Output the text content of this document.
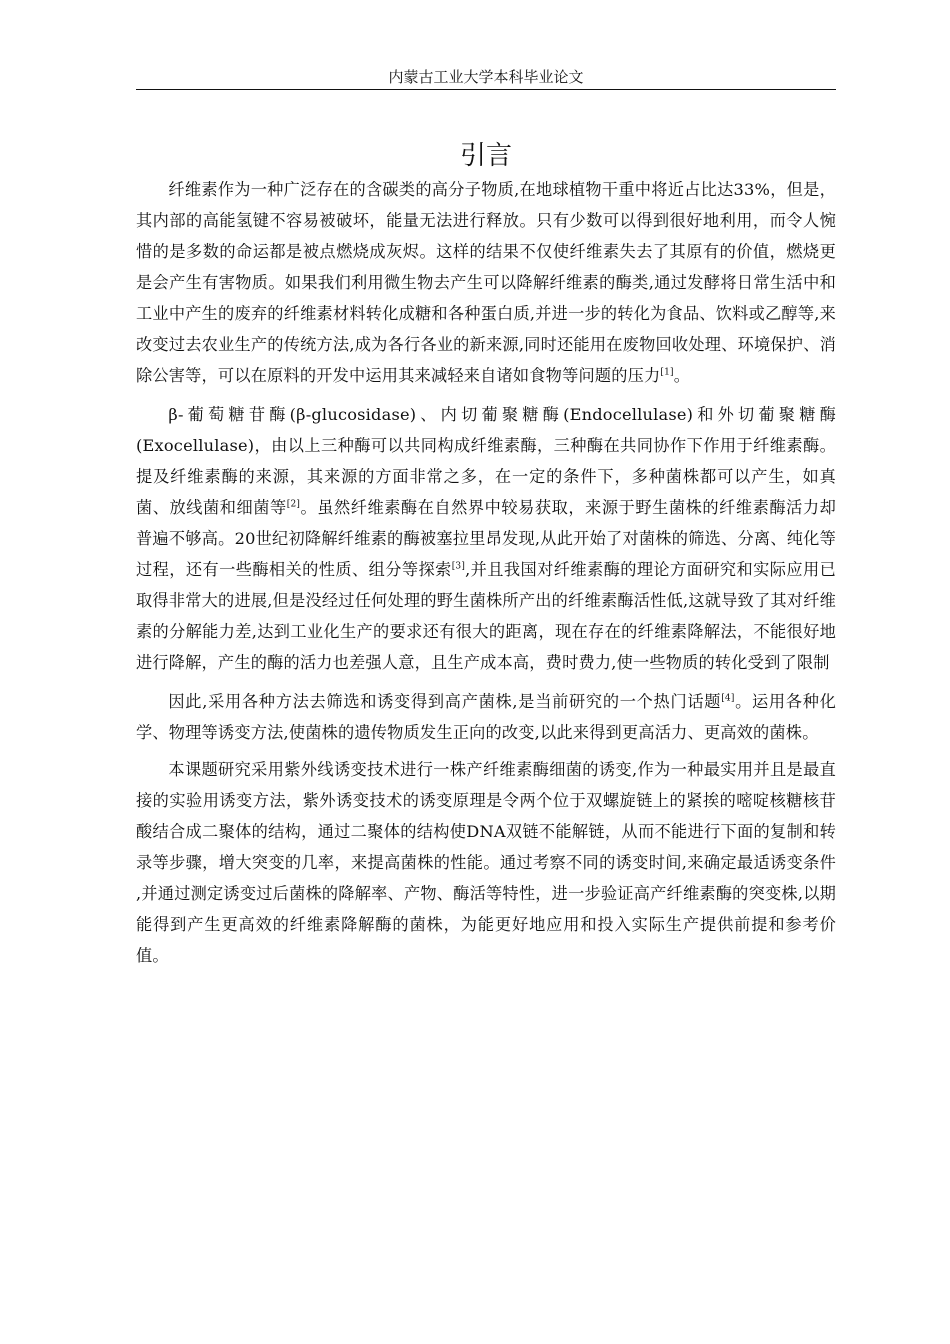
内蒙古工业大学本科毕业论文
引言

纤维素作为一种广泛存在的含碳类的高分子物质,在地球植物干重中将近占比达33%，但是，其内部的高能氢键不容易被破坏，能量无法进行释放。只有少数可以得到很好地利用，而令人惋惜的是多数的命运都是被点燃烧成灰烬。这样的结果不仅使纤维素失去了其原有的价值，燃烧更是会产生有害物质。如果我们利用微生物去产生可以降解纤维素的酶类,通过发酵将日常生活中和工业中产生的废弃的纤维素材料转化成糖和各种蛋白质,并进一步的转化为食品、饮料或乙醇等,来改变过去农业生产的传统方法,成为各行各业的新来源,同时还能用在废物回收处理、环境保护、消除公害等，可以在原料的开发中运用其来减轻来自诸如食物等问题的压力[1]。

β-葡萄糖苷酶(β-glucosidase)、内切葡聚糖酶(Endocellulase)和外切葡聚糖酶(Exocellulase)，由以上三种酶可以共同构成纤维素酶，三种酶在共同协作下作用于纤维素酶。提及纤维素酶的来源，其来源的方面非常之多，在一定的条件下，多种菌株都可以产生，如真菌、放线菌和细菌等[2]。虽然纤维素酶在自然界中较易获取，来源于野生菌株的纤维素酶活力却普遍不够高。20世纪初降解纤维素的酶被塞拉里昂发现,从此开始了对菌株的筛选、分离、纯化等过程，还有一些酶相关的性质、组分等探索[3],并且我国对纤维素酶的理论方面研究和实际应用已取得非常大的进展,但是没经过任何处理的野生菌株所产出的纤维素酶活性低,这就导致了其对纤维素的分解能力差,达到工业化生产的要求还有很大的距离，现在存在的纤维素降解法，不能很好地进行降解，产生的酶的活力也差强人意，且生产成本高，费时费力,使一些物质的转化受到了限制

因此,采用各种方法去筛选和诱变得到高产菌株,是当前研究的一个热门话题[4]。运用各种化学、物理等诱变方法,使菌株的遗传物质发生正向的改变,以此来得到更高活力、更高效的菌株。

本课题研究采用紫外线诱变技术进行一株产纤维素酶细菌的诱变,作为一种最实用并且是最直接的实验用诱变方法，紫外诱变技术的诱变原理是令两个位于双螺旋链上的紧挨的嘧啶核糖核苷酸结合成二聚体的结构，通过二聚体的结构使DNA双链不能解链，从而不能进行下面的复制和转录等步骤，增大突变的几率，来提高菌株的性能。通过考察不同的诱变时间,来确定最适诱变条件 ,并通过测定诱变过后菌株的降解率、产物、酶活等特性，进一步验证高产纤维素酶的突变株,以期能得到产生更高效的纤维素降解酶的菌株，为能更好地应用和投入实际生产提供前提和参考价值。
